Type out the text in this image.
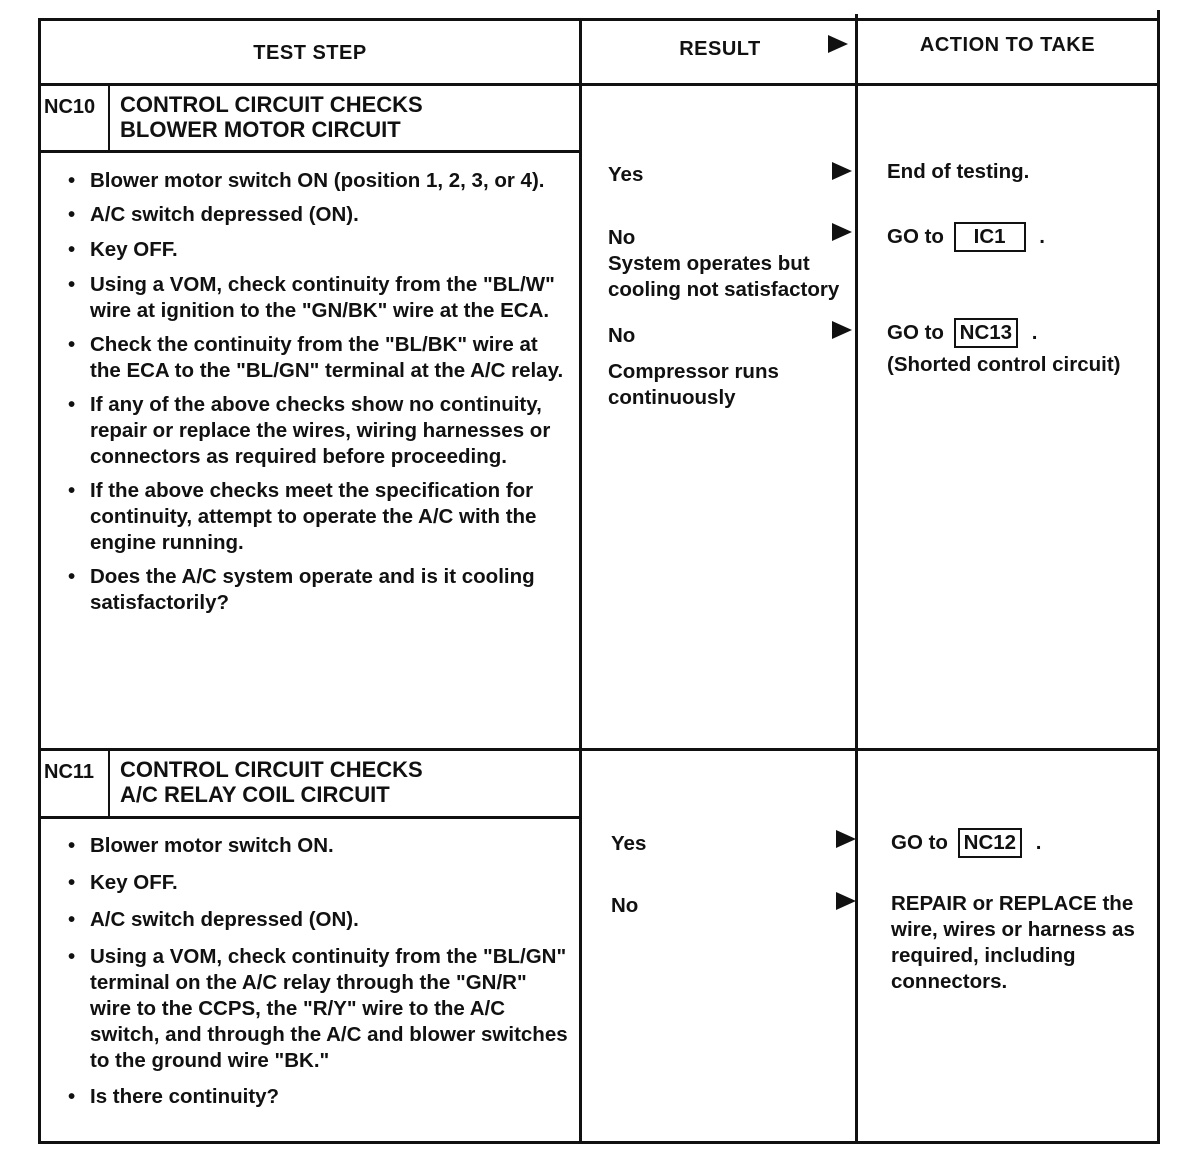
TEST STEP	RESULT	ACTION TO TAKE
NC10 CONTROL CIRCUIT CHECKS
BLOWER MOTOR CIRCUIT
• Blower motor switch ON (position 1, 2, 3, or 4).
• A/C switch depressed (ON).
• Key OFF.
• Using a VOM, check continuity from the "BL/W" wire at ignition to the "GN/BK" wire at the ECA.
• Check the continuity from the "BL/BK" wire at the ECA to the "BL/GN" terminal at the A/C relay.
• If any of the above checks show no continuity, repair or replace the wires, wiring harnesses or connectors as required before proceeding.
• If the above checks meet the specification for continuity, attempt to operate the A/C with the engine running.
• Does the A/C system operate and is it cooling satisfactorily?
Yes
No
System operates but cooling not satisfactory
No
Compressor runs continuously
End of testing.
GO to IC1 .
GO to NC13 .
(Shorted control circuit)
NC11 CONTROL CIRCUIT CHECKS
A/C RELAY COIL CIRCUIT
• Blower motor switch ON.
• Key OFF.
• A/C switch depressed (ON).
• Using a VOM, check continuity from the "BL/GN" terminal on the A/C relay through the "GN/R" wire to the CCPS, the "R/Y" wire to the A/C switch, and through the A/C and blower switches to the ground wire "BK."
• Is there continuity?
Yes
No
GO to NC12 .
REPAIR or REPLACE the wire, wires or harness as required, including connectors.
